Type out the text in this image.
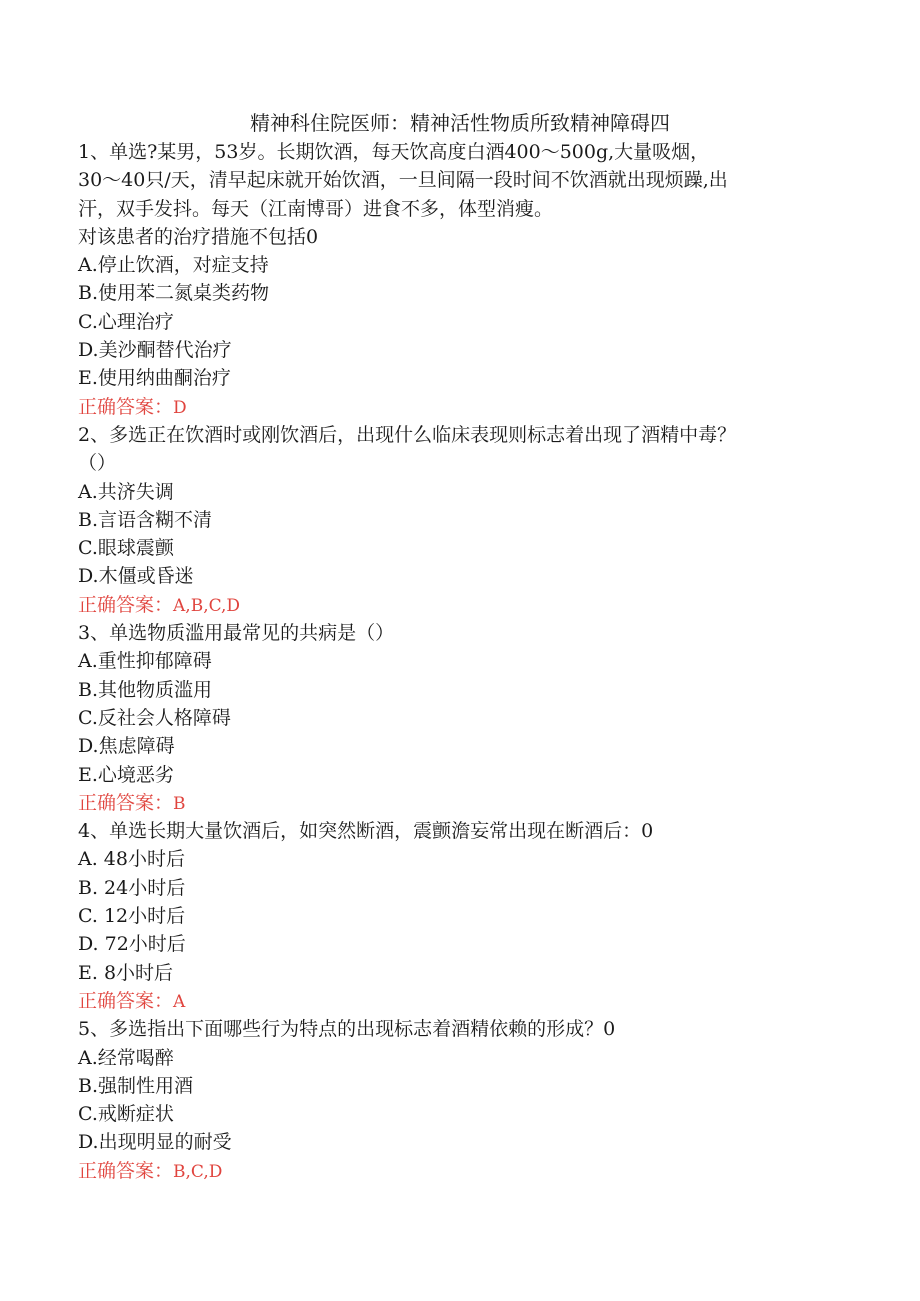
精神科住院医师：精神活性物质所致精神障碍四
1、单选?某男，53岁。长期饮酒，每天饮高度白酒400～500g,大量吸烟，
30～40只/天，清早起床就开始饮酒，一旦间隔一段时间不饮酒就出现烦躁,出
汗，双手发抖。每天（江南博哥）进食不多，体型消瘦。
对该患者的治疗措施不包括0
A.停止饮酒，对症支持
B.使用苯二氮桌类药物
C.心理治疗
D.美沙酮替代治疗
E.使用纳曲酮治疗
正确答案：D
2、多选正在饮酒时或刚饮酒后，出现什么临床表现则标志着出现了酒精中毒？
（）
A.共济失调
B.言语含糊不清
C.眼球震颤
D.木僵或昏迷
正确答案：A,B,C,D
3、单选物质滥用最常见的共病是（）
A.重性抑郁障碍
B.其他物质滥用
C.反社会人格障碍
D.焦虑障碍
E.心境恶劣
正确答案：B
4、单选长期大量饮酒后，如突然断酒，震颤澹妄常出现在断酒后：0
A. 48小时后
B. 24小时后
C. 12小时后
D. 72小时后
E. 8小时后
正确答案：A
5、多选指出下面哪些行为特点的出现标志着酒精依赖的形成？0
A.经常喝醉
B.强制性用酒
C.戒断症状
D.出现明显的耐受
正确答案：B,C,D
